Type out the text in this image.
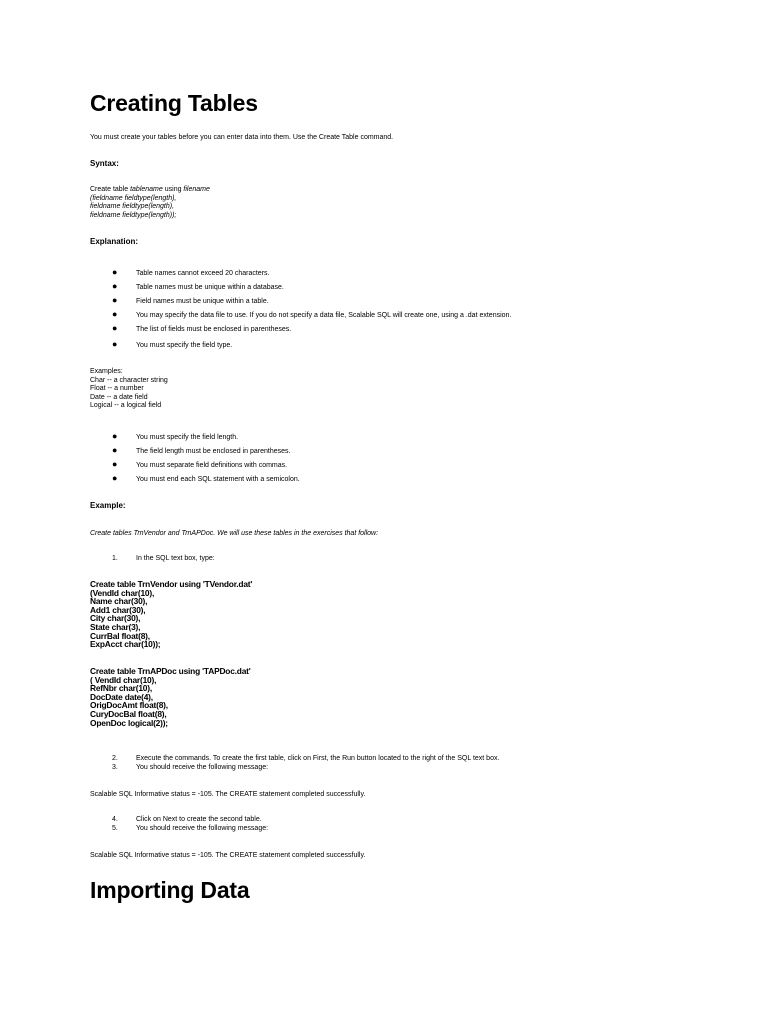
Creating Tables

You must create your tables before you can enter data into them. Use the Create Table command.

Syntax:

Create table tablename using filename
(fieldname fieldtype(length),
fieldname fieldtype(length),
fieldname fieldtype(length));

Explanation:

●	Table names cannot exceed 20 characters.
●	Table names must be unique within a database.
●	Field names must be unique within a table.
●	You may specify the data file to use. If you do not specify a data file, Scalable SQL will create one, using a .dat extension.
●	The list of fields must be enclosed in parentheses.
●	You must specify the field type.
Examples:
Char -- a character string
Float -- a number
Date -- a date field
Logical -- a logical field
●	You must specify the field length.
●	The field length must be enclosed in parentheses.
●	You must separate field definitions with commas.
●	You must end each SQL statement with a semicolon.

Example:

Create tables TrnVendor and TrnAPDoc. We will use these tables in the exercises that follow:

1.	In the SQL text box, type:
Create table TrnVendor using 'TVendor.dat'
(VendId char(10),
Name char(30),
Add1 char(30),
City char(30),
State char(3),
CurrBal float(8),
ExpAcct char(10));
Create table TrnAPDoc using 'TAPDoc.dat'
( VendId char(10),
RefNbr char(10),
DocDate date(4),
OrigDocAmt float(8),
CuryDocBal float(8),
OpenDoc logical(2));
2.	Execute the commands. To create the first table, click on First, the Run button located to the right of the SQL text box.
3.	You should receive the following message:

Scalable SQL Informative status = -105. The CREATE statement completed successfully.

4.	Click on Next to create the second table.
5.	You should receive the following message:

Scalable SQL Informative status = -105. The CREATE statement completed successfully.

Importing Data
